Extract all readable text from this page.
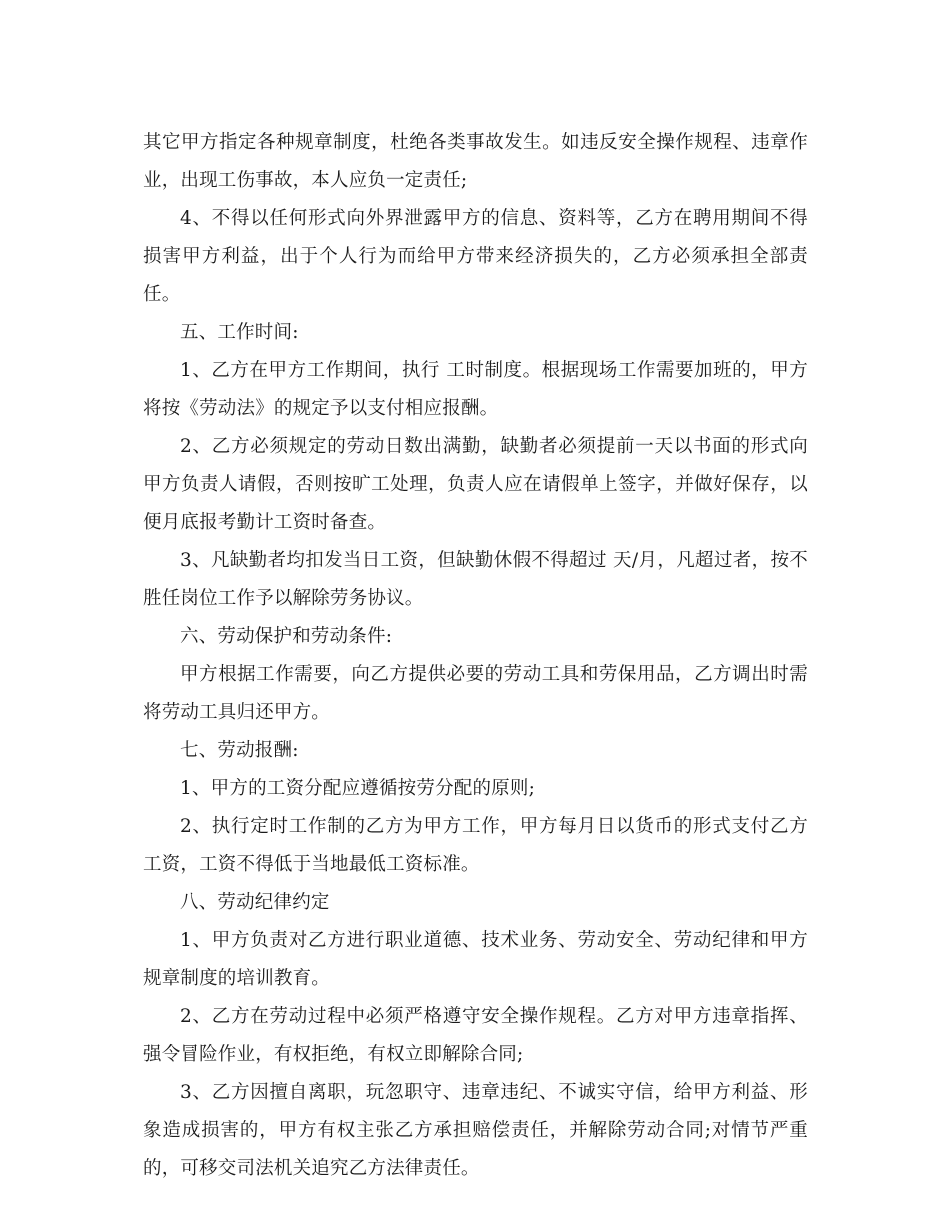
其它甲方指定各种规章制度，杜绝各类事故发生。如违反安全操作规程、违章作业，出现工伤事故，本人应负一定责任;

4、不得以任何形式向外界泄露甲方的信息、资料等，乙方在聘用期间不得损害甲方利益，出于个人行为而给甲方带来经济损失的，乙方必须承担全部责任。

五、工作时间:

1、乙方在甲方工作期间，执行 工时制度。根据现场工作需要加班的，甲方将按《劳动法》的规定予以支付相应报酬。

2、乙方必须规定的劳动日数出满勤，缺勤者必须提前一天以书面的形式向甲方负责人请假，否则按旷工处理，负责人应在请假单上签字，并做好保存，以便月底报考勤计工资时备查。

3、凡缺勤者均扣发当日工资，但缺勤休假不得超过 天/月，凡超过者，按不胜任岗位工作予以解除劳务协议。

六、劳动保护和劳动条件:

甲方根据工作需要，向乙方提供必要的劳动工具和劳保用品，乙方调出时需将劳动工具归还甲方。

七、劳动报酬:

1、甲方的工资分配应遵循按劳分配的原则;

2、执行定时工作制的乙方为甲方工作，甲方每月日以货币的形式支付乙方工资，工资不得低于当地最低工资标准。

八、劳动纪律约定

1、甲方负责对乙方进行职业道德、技术业务、劳动安全、劳动纪律和甲方规章制度的培训教育。

2、乙方在劳动过程中必须严格遵守安全操作规程。乙方对甲方违章指挥、强令冒险作业，有权拒绝，有权立即解除合同;

3、乙方因擅自离职，玩忽职守、违章违纪、不诚实守信，给甲方利益、形象造成损害的，甲方有权主张乙方承担赔偿责任，并解除劳动合同;对情节严重的，可移交司法机关追究乙方法律责任。
